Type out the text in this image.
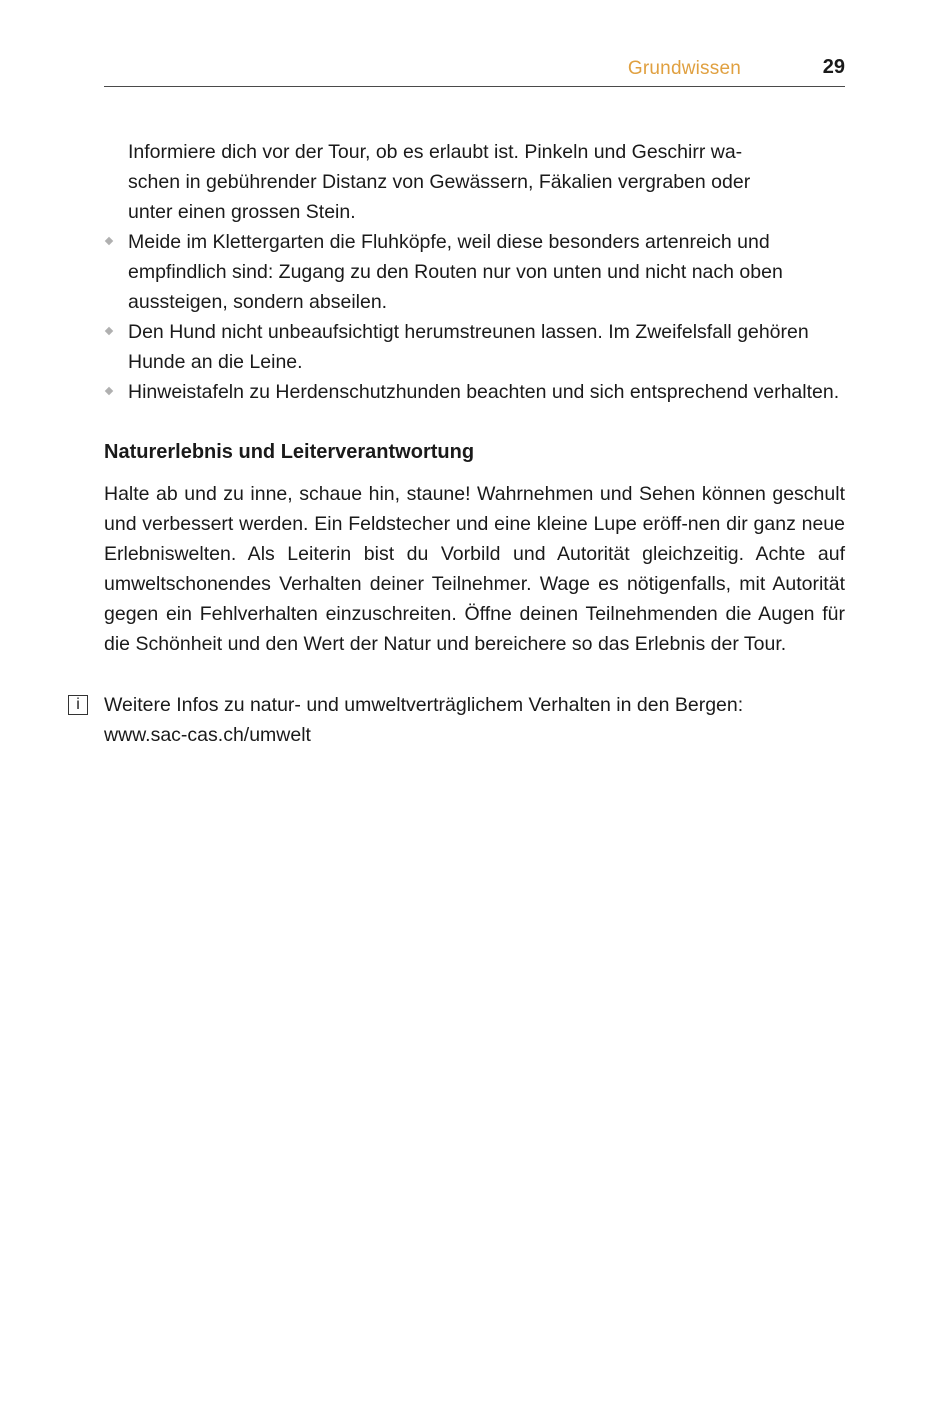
Grundwissen	29
Informiere dich vor der Tour, ob es erlaubt ist. Pinkeln und Geschirr wa-
schen in gebührender Distanz von Gewässern, Fäkalien vergraben oder
unter einen grossen Stein.
Meide im Klettergarten die Fluhköpfe, weil diese besonders artenreich und empfindlich sind: Zugang zu den Routen nur von unten und nicht nach oben aussteigen, sondern abseilen.
Den Hund nicht unbeaufsichtigt herumstreunen lassen. Im Zweifelsfall gehören Hunde an die Leine.
Hinweistafeln zu Herdenschutzhunden beachten und sich entsprechend verhalten.
Naturerlebnis und Leiterverantwortung

Halte ab und zu inne, schaue hin, staune! Wahrnehmen und Sehen können geschult und verbessert werden. Ein Feldstecher und eine kleine Lupe eröff-nen dir ganz neue Erlebniswelten. Als Leiterin bist du Vorbild und Autorität gleichzeitig. Achte auf umweltschonendes Verhalten deiner Teilnehmer. Wage es nötigenfalls, mit Autorität gegen ein Fehlverhalten einzuschreiten. Öffne deinen Teilnehmenden die Augen für die Schönheit und den Wert der Natur und bereichere so das Erlebnis der Tour.

i	Weitere Infos zu natur- und umweltverträglichem Verhalten in den Bergen:
www.sac-cas.ch/umwelt
